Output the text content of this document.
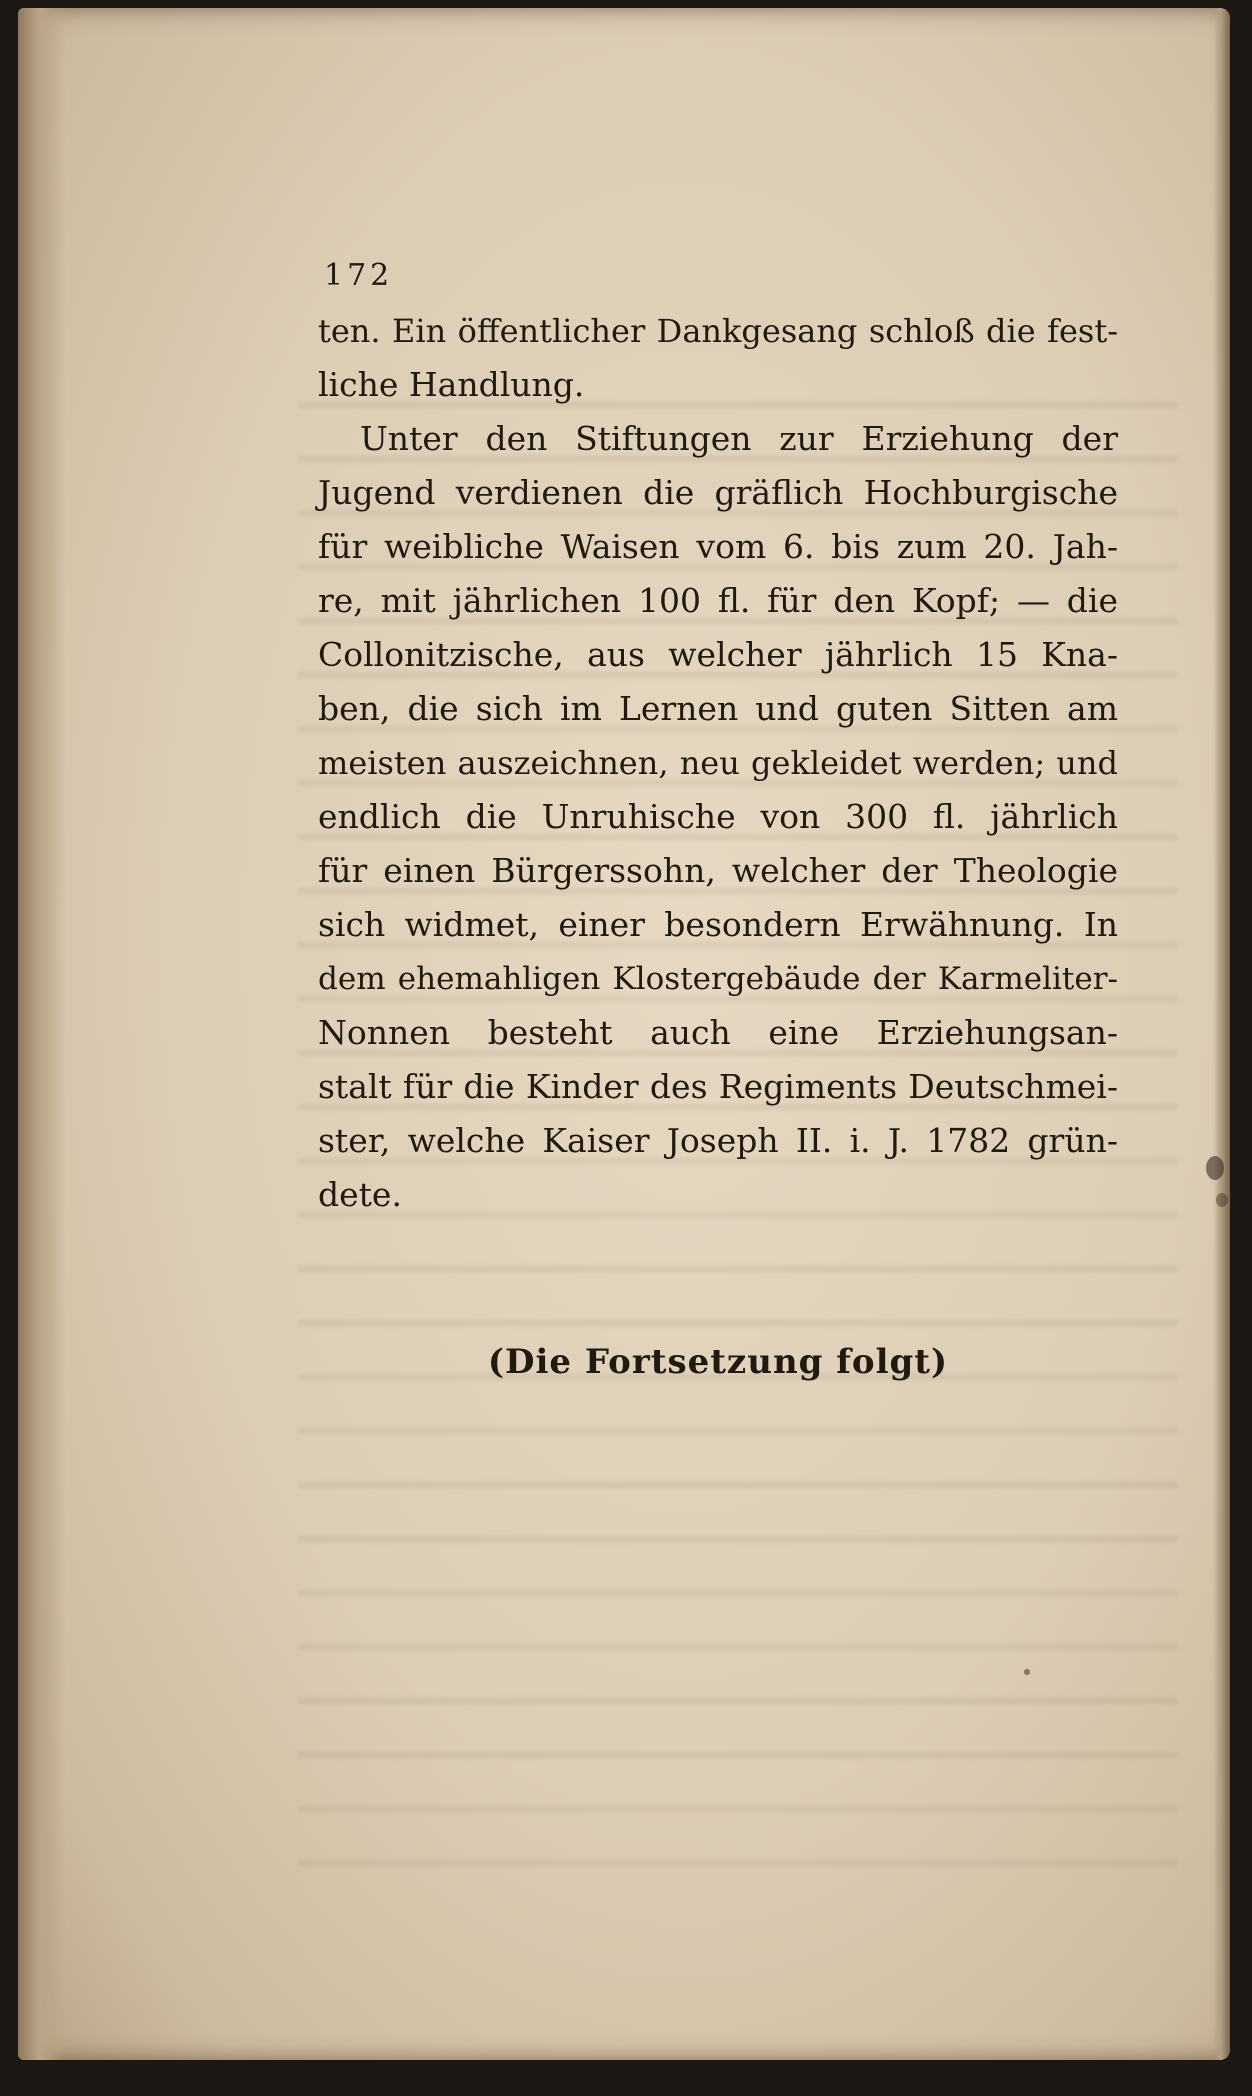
172
ten. Ein öffentlicher Dankgesang schloß die fest-
liche Handlung.
Unter den Stiftungen zur Erziehung der
Jugend verdienen die gräflich Hochburgische
für weibliche Waisen vom 6. bis zum 20. Jah-
re, mit jährlichen 100 fl. für den Kopf; — die
Collonitzische, aus welcher jährlich 15 Kna-
ben, die sich im Lernen und guten Sitten am
meisten auszeichnen, neu gekleidet werden; und
endlich die Unruhische von 300 fl. jährlich
für einen Bürgerssohn, welcher der Theologie
sich widmet, einer besondern Erwähnung. In
dem ehemahligen Klostergebäude der Karmeliter-
Nonnen besteht auch eine Erziehungsan-
stalt für die Kinder des Regiments Deutschmei-
ster, welche Kaiser Joseph II. i. J. 1782 grün-
dete.
(Die Fortsetzung folgt)
